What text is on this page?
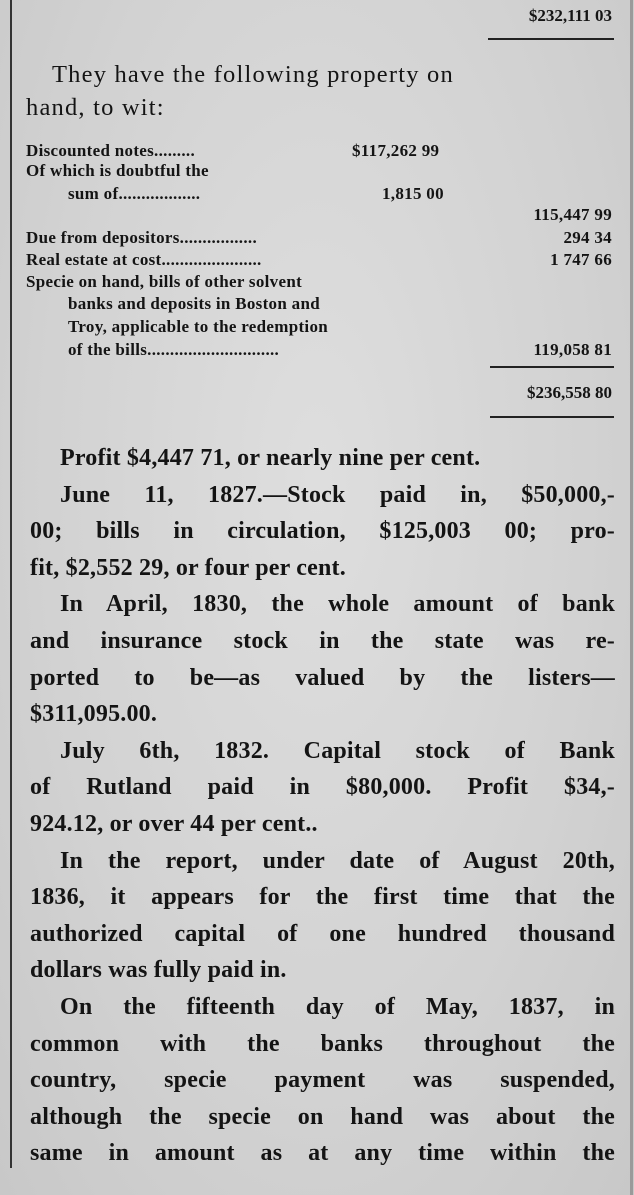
$232,111 03
They have the following property on
hand, to wit:
Discounted notes.........	$117,262 99
Of which is doubtful the
sum of..................	1,815 00
115,447 99
Due from depositors.................	294 34
Real estate at cost......................	1 747 66
Specie on hand, bills of other solvent
banks and deposits in Boston and
Troy, applicable to the redemption
of the bills.............................	119,058 81
$236,558 80
Profit $4,447 71, or nearly nine per cent.
June 11, 1827.—Stock paid in, $50,000,-
00; bills in circulation, $125,003 00; pro-
fit, $2,552 29, or four per cent.
In April, 1830, the whole amount of bank
and insurance stock in the state was re-
ported to be—as valued by the listers—
$311,095.00.
July 6th, 1832. Capital stock of Bank
of Rutland paid in $80,000. Profit $34,-
924.12, or over 44 per cent..
In the report, under date of August 20th,
1836, it appears for the first time that the
authorized capital of one hundred thousand
dollars was fully paid in.
On the fifteenth day of May, 1837, in
common with the banks throughout the
country, specie payment was suspended,
although the specie on hand was about the
same in amount as at any time within the
